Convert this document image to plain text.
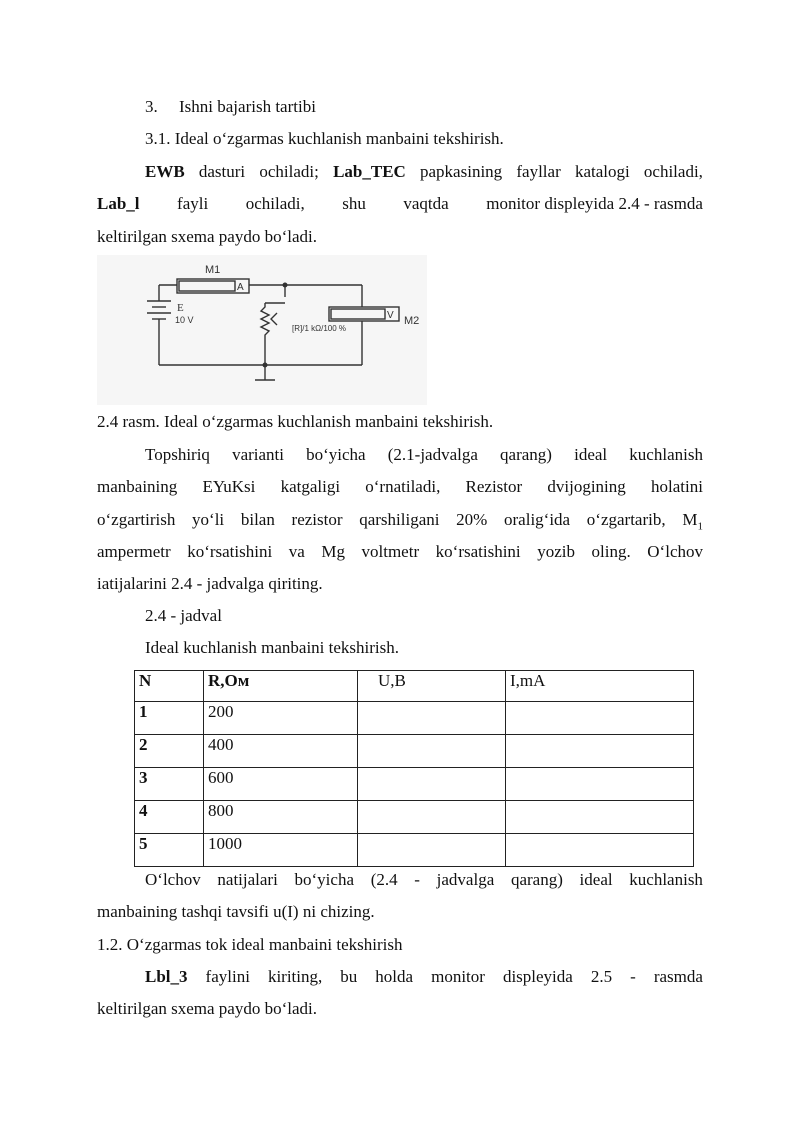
3. Ishni bajarish tartibi
3.1. Ideal o‘zgarmas kuchlanish manbaini tekshirish.
EWB dasturi ochiladi; Lab_TEC papkasining fayllar katalogi ochiladi,
Lab_l fayli ochiladi, shu vaqtda monitor displeyida 2.4 - rasmda
keltirilgan sxema paydo bo‘ladi.
M1
A
E
10 V
[R]/1 kΩ/100 %
V M2
2.4 rasm. Ideal o‘zgarmas kuchlanish manbaini tekshirish.
Topshiriq varianti bo‘yicha (2.1-jadvalga qarang) ideal kuchlanish
manbaining EYuKsi katgaligi o‘rnatiladi, Rezistor dvijogining holatini
o‘zgartirish yo‘li bilan rezistor qarshiligani 20% oralig‘ida o‘zgartarib, $M_1$
ampermetr ko‘rsatishini va Mg voltmetr ko‘rsatishini yozib oling. O‘lchov
iatijalarini 2.4 - jadvalga qiriting.
2.4 - jadval
Ideal kuchlanish manbaini tekshirish.
N	R,Ом	U,B	I,mA
1	200		
2	400		
3	600		
4	800		
5	1000		
O‘lchov natijalari bo‘yicha (2.4 - jadvalga qarang) ideal kuchlanish
manbaining tashqi tavsifi u(I) ni chizing.
1.2. O‘zgarmas tok ideal manbaini tekshirish
Lbl_3 faylini kiriting, bu holda monitor displeyida 2.5 - rasmda
keltirilgan sxema paydo bo‘ladi.
